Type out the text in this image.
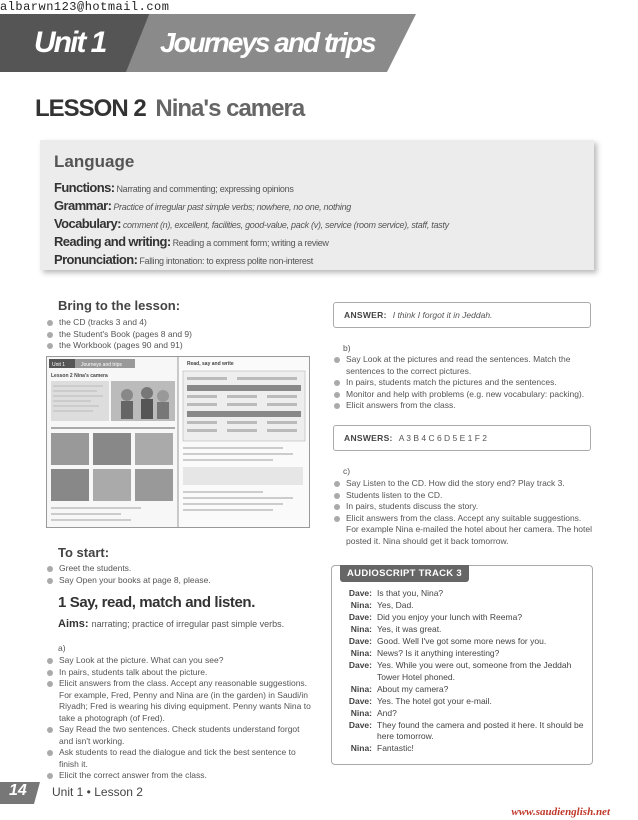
albarwn123@hotmail.com
Unit 1 Journeys and trips
LESSON 2 Nina's camera
Language
Functions: Narrating and commenting; expressing opinions
Grammar: Practice of irregular past simple verbs; nowhere, no one, nothing
Vocabulary: comment (n), excellent, facilities, good-value, pack (v), service (room service), staff, tasty
Reading and writing: Reading a comment form; writing a review
Pronunciation: Falling intonation: to express polite non-interest
Bring to the lesson:
the CD (tracks 3 and 4)
the Student's Book (pages 8 and 9)
the Workbook (pages 90 and 91)
Unit 1	Journeys and trips
Lesson 2 Nina's camera
Read, say and write
To start:
Greet the students.
Say Open your books at page 8, please.
1 Say, read, match and listen.
Aims: narrating; practice of irregular past simple verbs.
a)
Say Look at the picture. What can you see?
In pairs, students talk about the picture.
Elicit answers from the class. Accept any reasonable suggestions. For example, Fred, Penny and Nina are (in the garden) in Saudi/in Riyadh; Fred is wearing his diving equipment. Penny wants Nina to take a photograph (of Fred).
Say Read the two sentences. Check students understand forgot and isn't working.
Ask students to read the dialogue and tick the best sentence to finish it.
Elicit the correct answer from the class.
ANSWER: I think I forgot it in Jeddah.
b)
Say Look at the pictures and read the sentences. Match the sentences to the correct pictures.
In pairs, students match the pictures and the sentences.
Monitor and help with problems (e.g. new vocabulary: packing).
Elicit answers from the class.
ANSWERS: A 3 B 4 C 6 D 5 E 1 F 2
c)
Say Listen to the CD. How did the story end? Play track 3.
Students listen to the CD.
In pairs, students discuss the story.
Elicit answers from the class. Accept any suitable suggestions. For example Nina e-mailed the hotel about her camera. The hotel posted it. Nina should get it back tomorrow.
AUDIOSCRIPT TRACK 3
Dave: Is that you, Nina?
Nina: Yes, Dad.
Dave: Did you enjoy your lunch with Reema?
Nina: Yes, it was great.
Dave: Good. Well I've got some more news for you.
Nina: News? Is it anything interesting?
Dave: Yes. While you were out, someone from the Jeddah Tower Hotel phoned.
Nina: About my camera?
Dave: Yes. The hotel got your e-mail.
Nina: And?
Dave: They found the camera and posted it here. It should be here tomorrow.
Nina: Fantastic!
14 Unit 1 • Lesson 2
www.saudienglish.net
